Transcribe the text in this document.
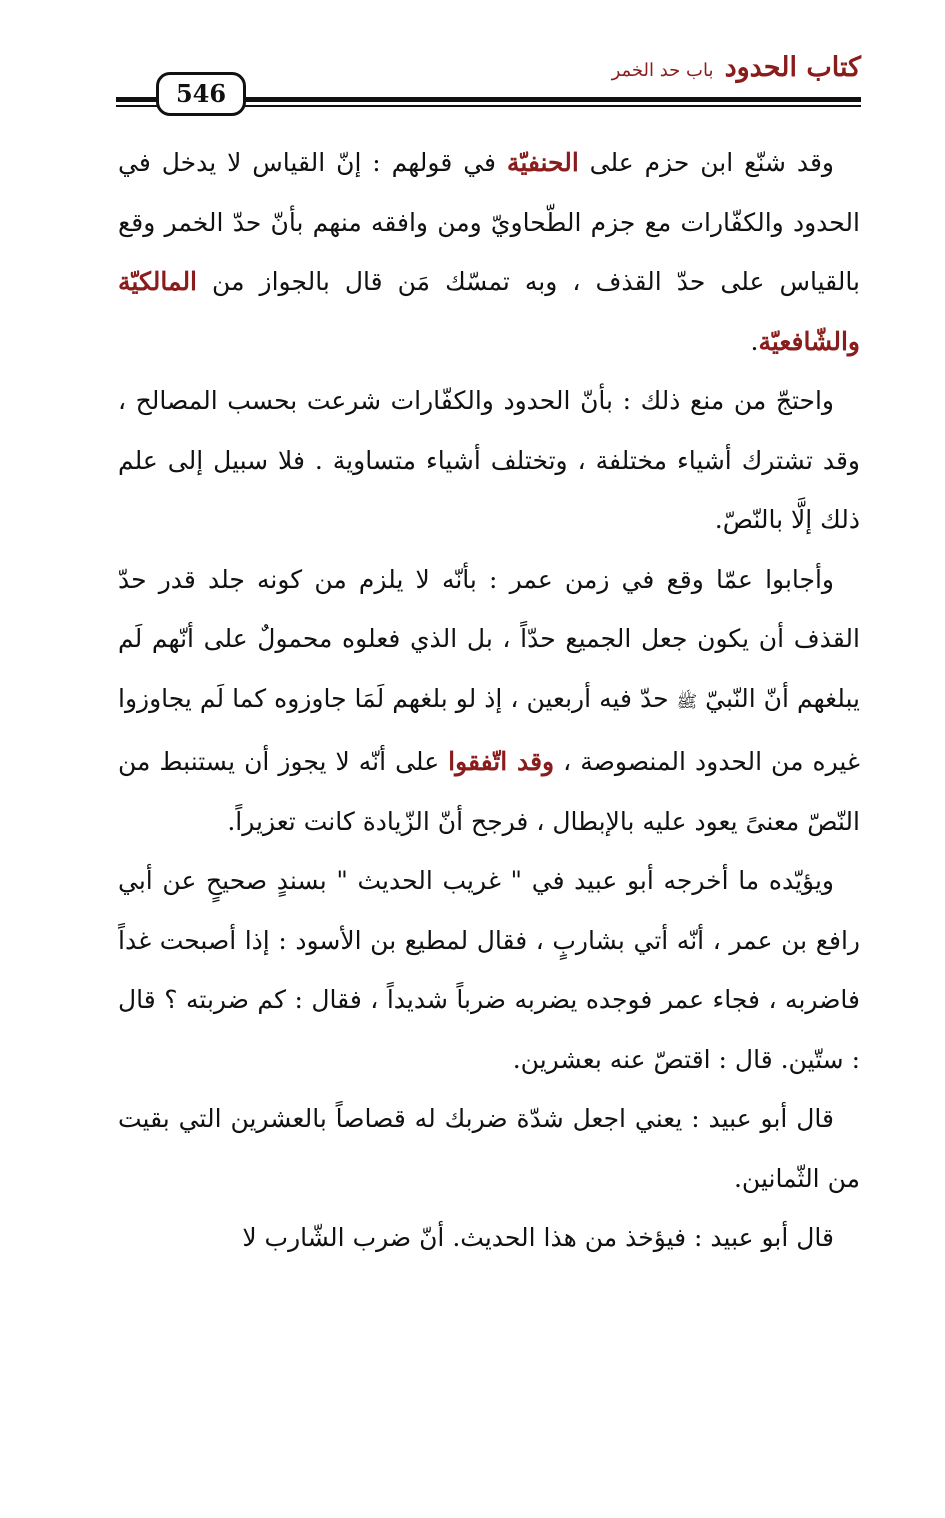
كتاب الحدود باب حد الخمر
546

وقد شنّع ابن حزم على الحنفيّة في قولهم : إنّ القياس لا يدخل في الحدود والكفّارات مع جزم الطّحاويّ ومن وافقه منهم بأنّ حدّ الخمر وقع بالقياس على حدّ القذف ، وبه تمسّك مَن قال بالجواز من المالكيّة والشّافعيّة.

واحتجّ من منع ذلك : بأنّ الحدود والكفّارات شرعت بحسب المصالح ، وقد تشترك أشياء مختلفة ، وتختلف أشياء متساوية . فلا سبيل إلى علم ذلك إلَّا بالنّصّ.

وأجابوا عمّا وقع في زمن عمر : بأنّه لا يلزم من كونه جلد قدر حدّ القذف أن يكون جعل الجميع حدّاً ، بل الذي فعلوه محمولٌ على أنّهم لَم يبلغهم أنّ النّبيّ ﷺ حدّ فيه أربعين ، إذ لو بلغهم لَمَا جاوزوه كما لَم يجاوزوا غيره من الحدود المنصوصة ، وقد اتّفقوا على أنّه لا يجوز أن يستنبط من النّصّ معنىً يعود عليه بالإبطال ، فرجح أنّ الزّيادة كانت تعزيراً.

ويؤيّده ما أخرجه أبو عبيد في " غريب الحديث " بسندٍ صحيحٍ عن أبي رافع بن عمر ، أنّه أتي بشاربٍ ، فقال لمطيع بن الأسود : إذا أصبحت غداً فاضربه ، فجاء عمر فوجده يضربه ضرباً شديداً ، فقال : كم ضربته ؟ قال : ستّين. قال : اقتصّ عنه بعشرين.

قال أبو عبيد : يعني اجعل شدّة ضربك له قصاصاً بالعشرين التي بقيت من الثّمانين.

قال أبو عبيد : فيؤخذ من هذا الحديث. أنّ ضرب الشّارب لا
